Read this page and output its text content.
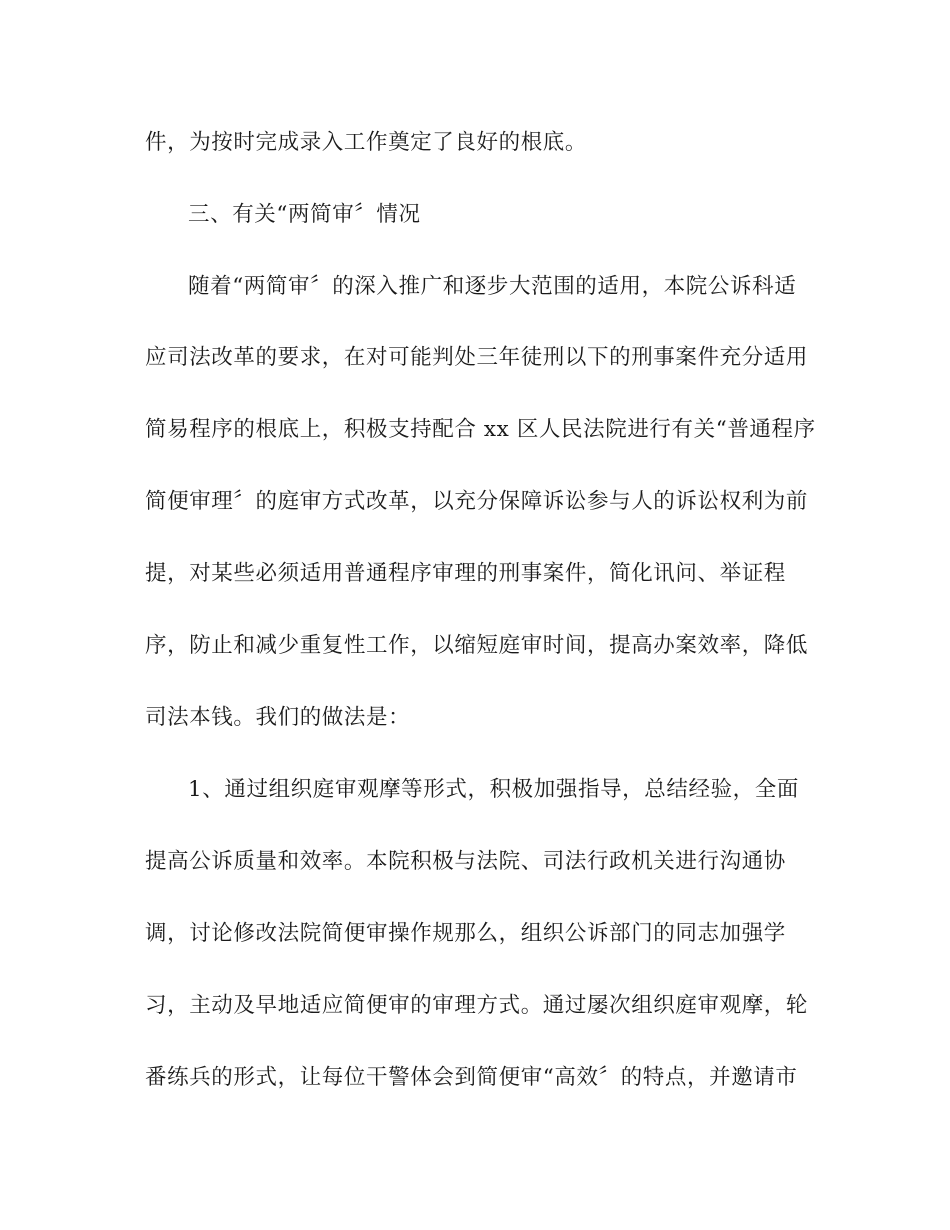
件，为按时完成录入工作奠定了良好的根底。
三、有关“两简审〞情况
随着“两简审〞的深入推广和逐步大范围的适用，本院公诉科适
应司法改革的要求，在对可能判处三年徒刑以下的刑事案件充分适用
简易程序的根底上，积极支持配合 xx 区人民法院进行有关“普通程序
简便审理〞的庭审方式改革，以充分保障诉讼参与人的诉讼权利为前
提，对某些必须适用普通程序审理的刑事案件，简化讯问、举证程
序，防止和减少重复性工作，以缩短庭审时间，提高办案效率，降低
司法本钱。我们的做法是：
1、通过组织庭审观摩等形式，积极加强指导，总结经验，全面
提高公诉质量和效率。本院积极与法院、司法行政机关进行沟通协
调，讨论修改法院简便审操作规那么，组织公诉部门的同志加强学
习，主动及早地适应简便审的审理方式。通过屡次组织庭审观摩，轮
番练兵的形式，让每位干警体会到简便审“高效〞的特点，并邀请市
